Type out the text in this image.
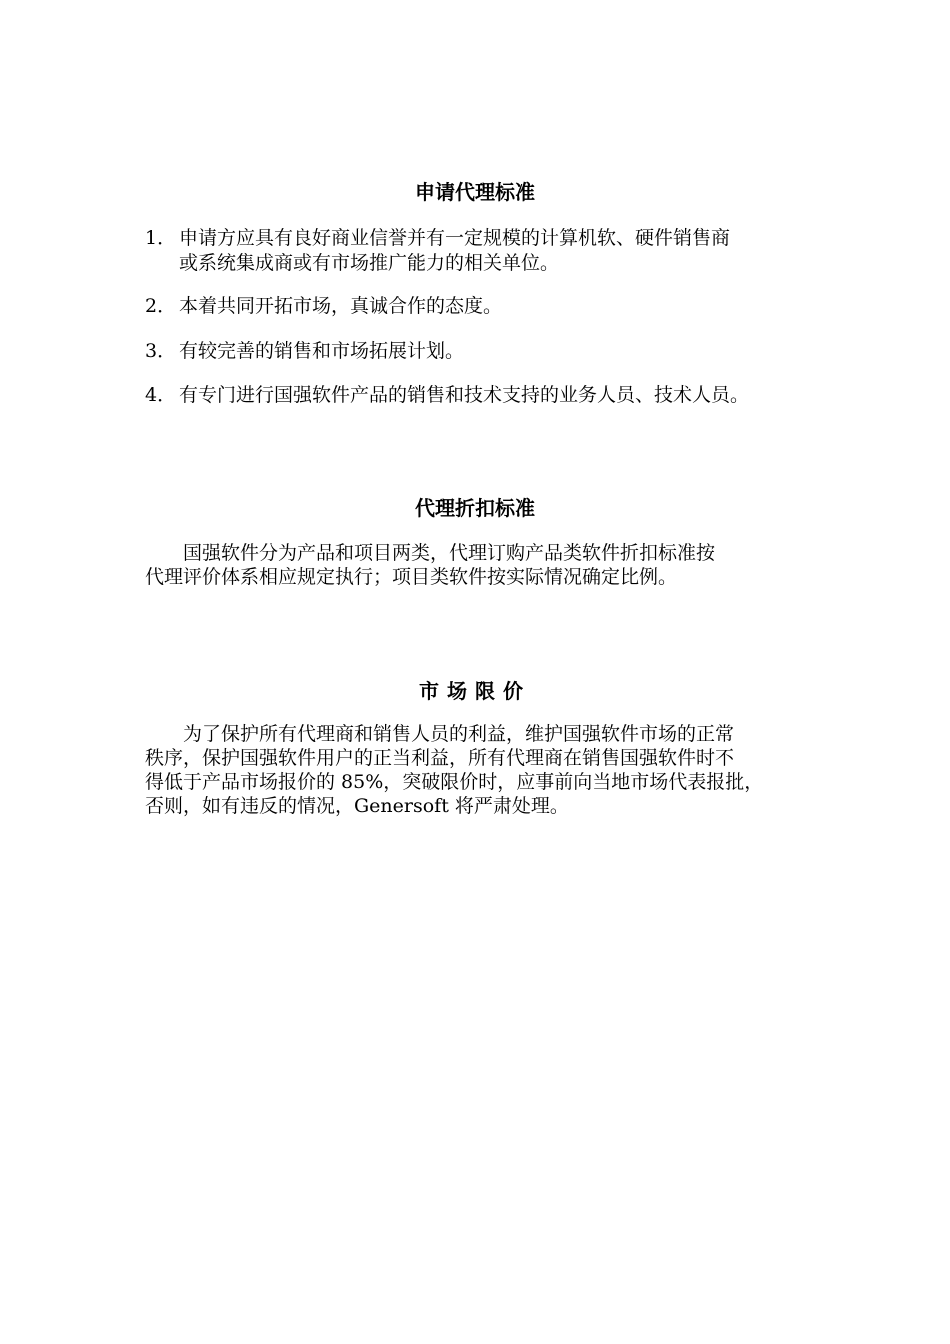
申请代理标准
1． 申请方应具有良好商业信誉并有一定规模的计算机软、硬件销售商
或系统集成商或有市场推广能力的相关单位。
2． 本着共同开拓市场，真诚合作的态度。
3． 有较完善的销售和市场拓展计划。
4． 有专门进行国强软件产品的销售和技术支持的业务人员、技术人员。
代理折扣标准
　　国强软件分为产品和项目两类，代理订购产品类软件折扣标准按
代理评价体系相应规定执行；项目类软件按实际情况确定比例。
市场限价
　　为了保护所有代理商和销售人员的利益，维护国强软件市场的正常
秩序，保护国强软件用户的正当利益，所有代理商在销售国强软件时不
得低于产品市场报价的 85%，突破限价时，应事前向当地市场代表报批，
否则，如有违反的情况，Genersoft 将严肃处理。
